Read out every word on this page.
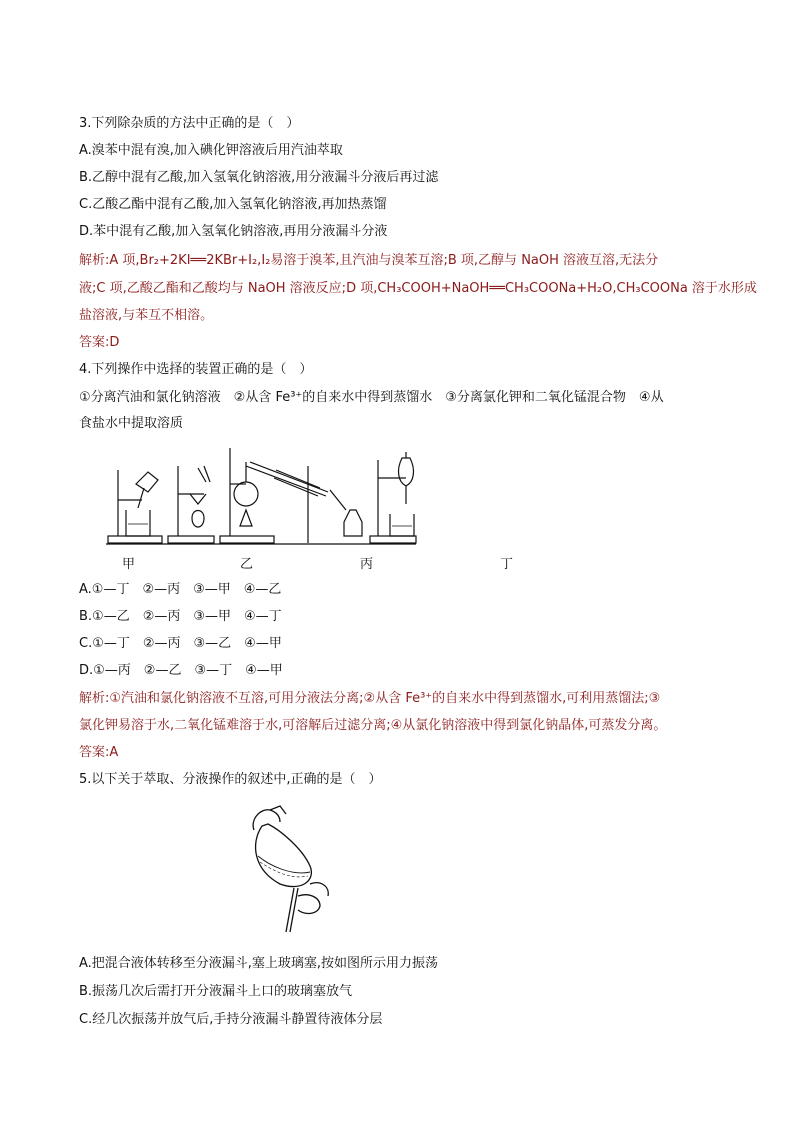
3.下列除杂质的方法中正确的是（　）
A.溴苯中混有溴,加入碘化钾溶液后用汽油萃取
B.乙醇中混有乙酸,加入氢氧化钠溶液,用分液漏斗分液后再过滤
C.乙酸乙酯中混有乙酸,加入氢氧化钠溶液,再加热蒸馏
D.苯中混有乙酸,加入氢氧化钠溶液,再用分液漏斗分液
解析:A 项,Br₂+2KI══2KBr+I₂,I₂易溶于溴苯,且汽油与溴苯互溶;B 项,乙醇与 NaOH 溶液互溶,无法分
液;C 项,乙酸乙酯和乙酸均与 NaOH 溶液反应;D 项,CH₃COOH+NaOH══CH₃COONa+H₂O,CH₃COONa 溶于水形成
盐溶液,与苯互不相溶。
答案:D
4.下列操作中选择的装置正确的是（　）
①分离汽油和氯化钠溶液　②从含 Fe³⁺的自来水中得到蒸馏水　③分离氯化钾和二氧化锰混合物　④从
食盐水中提取溶质
甲	乙	丙	丁
A.①—丁　②—丙　③—甲　④—乙
B.①—乙　②—丙　③—甲　④—丁
C.①—丁　②—丙　③—乙　④—甲
D.①—丙　②—乙　③—丁　④—甲
解析:①汽油和氯化钠溶液不互溶,可用分液法分离;②从含 Fe³⁺的自来水中得到蒸馏水,可利用蒸馏法;③
氯化钾易溶于水,二氧化锰难溶于水,可溶解后过滤分离;④从氯化钠溶液中得到氯化钠晶体,可蒸发分离。
答案:A
5.以下关于萃取、分液操作的叙述中,正确的是（　）
A.把混合液体转移至分液漏斗,塞上玻璃塞,按如图所示用力振荡
B.振荡几次后需打开分液漏斗上口的玻璃塞放气
C.经几次振荡并放气后,手持分液漏斗静置待液体分层
